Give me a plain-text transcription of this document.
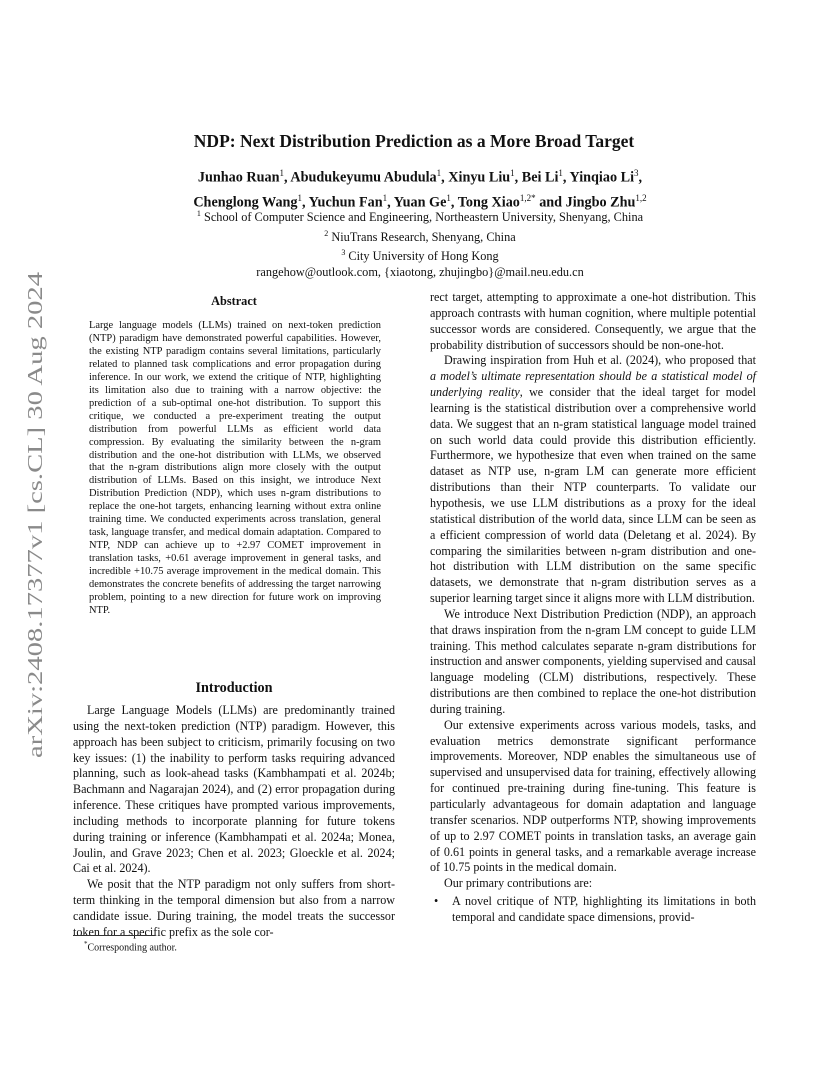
arXiv:2408.17377v1 [cs.CL] 30 Aug 2024
NDP: Next Distribution Prediction as a More Broad Target
Junhao Ruan$^1$, Abudukeyumu Abudula$^1$, Xinyu Liu$^1$, Bei Li$^1$, Yinqiao Li$^3$,
Chenglong Wang$^1$, Yuchun Fan$^1$, Yuan Ge$^1$, Tong Xiao$^{1,2*}$ and Jingbo Zhu$^{1,2}$
$^1$ School of Computer Science and Engineering, Northeastern University, Shenyang, China
$^2$ NiuTrans Research, Shenyang, China
$^3$ City University of Hong Kong
rangehow@outlook.com, {xiaotong, zhujingbo}@mail.neu.edu.cn
Abstract
Large language models (LLMs) trained on next-token prediction (NTP) paradigm have demonstrated powerful capabilities. However, the existing NTP paradigm contains several limitations, particularly related to planned task complications and error propagation during inference. In our work, we extend the critique of NTP, highlighting its limitation also due to training with a narrow objective: the prediction of a sub-optimal one-hot distribution. To support this critique, we conducted a pre-experiment treating the output distribution from powerful LLMs as efficient world data compression. By evaluating the similarity between the n-gram distribution and the one-hot distribution with LLMs, we observed that the n-gram distributions align more closely with the output distribution of LLMs. Based on this insight, we introduce Next Distribution Prediction (NDP), which uses n-gram distributions to replace the one-hot targets, enhancing learning without extra online training time. We conducted experiments across translation, general task, language transfer, and medical domain adaptation. Compared to NTP, NDP can achieve up to +2.97 COMET improvement in translation tasks, +0.61 average improvement in general tasks, and incredible +10.75 average improvement in the medical domain. This demonstrates the concrete benefits of addressing the target narrowing problem, pointing to a new direction for future work on improving NTP.
Introduction

Large Language Models (LLMs) are predominantly trained using the next-token prediction (NTP) paradigm. However, this approach has been subject to criticism, primarily focusing on two key issues: (1) the inability to perform tasks requiring advanced planning, such as look-ahead tasks (Kambhampati et al. 2024b; Bachmann and Nagarajan 2024), and (2) error propagation during inference. These critiques have prompted various improvements, including methods to incorporate planning for future tokens during training or inference (Kambhampati et al. 2024a; Monea, Joulin, and Grave 2023; Chen et al. 2023; Gloeckle et al. 2024; Cai et al. 2024).

We posit that the NTP paradigm not only suffers from short-term thinking in the temporal dimension but also from a narrow candidate issue. During training, the model treats the successor token for a specific prefix as the sole cor-

*Corresponding author.

rect target, attempting to approximate a one-hot distribution. This approach contrasts with human cognition, where multiple potential successor words are considered. Consequently, we argue that the probability distribution of successors should be non-one-hot.

Drawing inspiration from Huh et al. (2024), who proposed that a model’s ultimate representation should be a statistical model of underlying reality, we consider that the ideal target for model learning is the statistical distribution over a comprehensive world data. We suggest that an n-gram statistical language model trained on such world data could provide this distribution efficiently. Furthermore, we hypothesize that even when trained on the same dataset as NTP use, n-gram LM can generate more efficient distributions than their NTP counterparts. To validate our hypothesis, we use LLM distributions as a proxy for the ideal statistical distribution of the world data, since LLM can be seen as a efficient compression of world data (Deletang et al. 2024). By comparing the similarities between n-gram distribution and one-hot distribution with LLM distribution on the same specific datasets, we demonstrate that n-gram distribution serves as a superior learning target since it aligns more with LLM distribution.

We introduce Next Distribution Prediction (NDP), an approach that draws inspiration from the n-gram LM concept to guide LLM training. This method calculates separate n-gram distributions for instruction and answer components, yielding supervised and causal language modeling (CLM) distributions, respectively. These distributions are then combined to replace the one-hot distribution during training.

Our extensive experiments across various models, tasks, and evaluation metrics demonstrate significant performance improvements. Moreover, NDP enables the simultaneous use of supervised and unsupervised data for training, effectively allowing for continued pre-training during fine-tuning. This feature is particularly advantageous for domain adaptation and language transfer scenarios. NDP outperforms NTP, showing improvements of up to 2.97 COMET points in translation tasks, an average gain of 0.61 points in general tasks, and a remarkable average increase of 10.75 points in the medical domain.

Our primary contributions are:

• A novel critique of NTP, highlighting its limitations in both temporal and candidate space dimensions, provid-
